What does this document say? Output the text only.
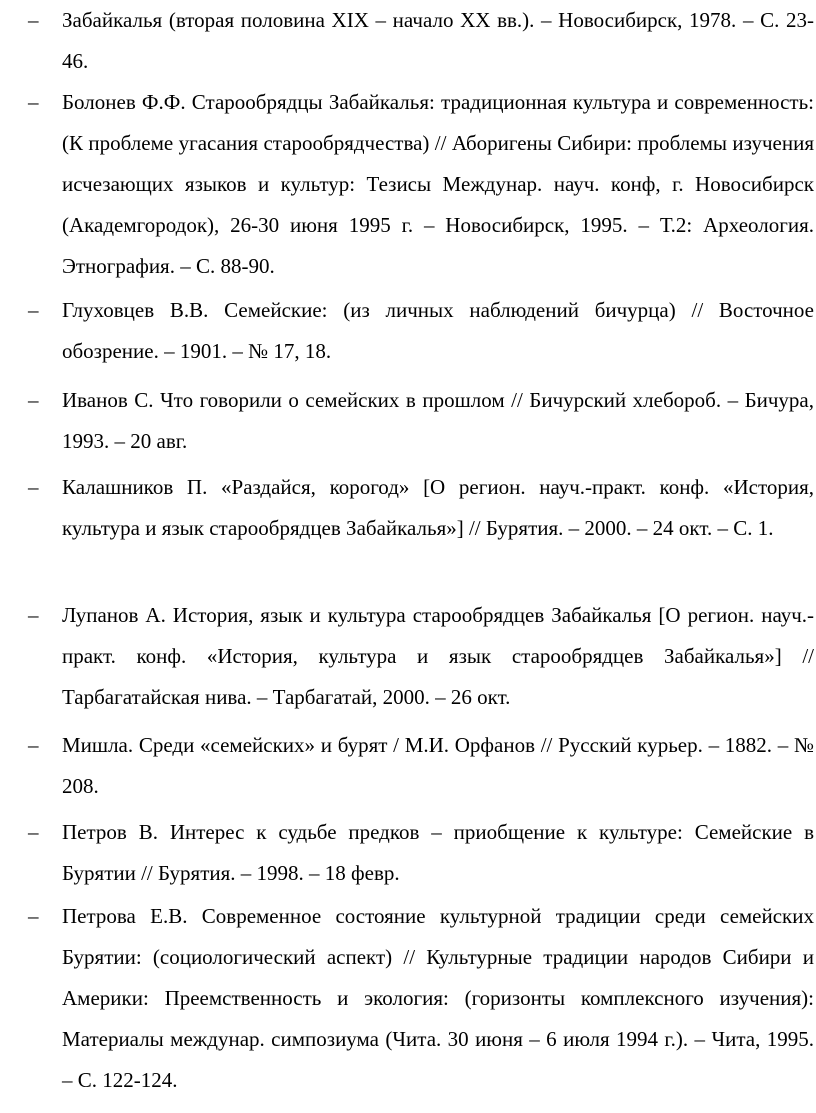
– Забайкалья (вторая половина XIX – начало XX вв.). – Новосибирск, 1978. – С. 23-46.
– Болонев Ф.Ф. Старообрядцы Забайкалья: традиционная культура и современность: (К проблеме угасания старообрядчества) // Аборигены Сибири: проблемы изучения исчезающих языков и культур: Тезисы Междунар. науч. конф, г. Новосибирск (Академгородок), 26-30 июня 1995 г. – Новосибирск, 1995. – Т.2: Археология. Этнография. – С. 88-90.
– Глуховцев В.В. Семейские: (из личных наблюдений бичурца) // Восточное обозрение. – 1901. – № 17, 18.
– Иванов С. Что говорили о семейских в прошлом // Бичурский хлебороб. – Бичура, 1993. – 20 авг.
– Калашников П. «Раздайся, корогод» [О регион. науч.-практ. конф. «История, культура и язык старообрядцев Забайкалья»] // Бурятия. – 2000. – 24 окт. – С. 1.
– Лупанов А. История, язык и культура старообрядцев Забайкалья [О регион. науч.-практ. конф. «История, культура и язык старообрядцев Забайкалья»] // Тарбагатайская нива. – Тарбагатай, 2000. – 26 окт.
– Мишла. Среди «семейских» и бурят / М.И. Орфанов // Русский курьер. – 1882. – № 208.
– Петров В. Интерес к судьбе предков – приобщение к культуре: Семейские в Бурятии // Бурятия. – 1998. – 18 февр.
– Петрова Е.В. Современное состояние культурной традиции среди семейских Бурятии: (социологический аспект) // Культурные традиции народов Сибири и Америки: Преемственность и экология: (горизонты комплексного изучения): Материалы междунар. симпозиума (Чита. 30 июня – 6 июля 1994 г.). – Чита, 1995. – С. 122-124.
